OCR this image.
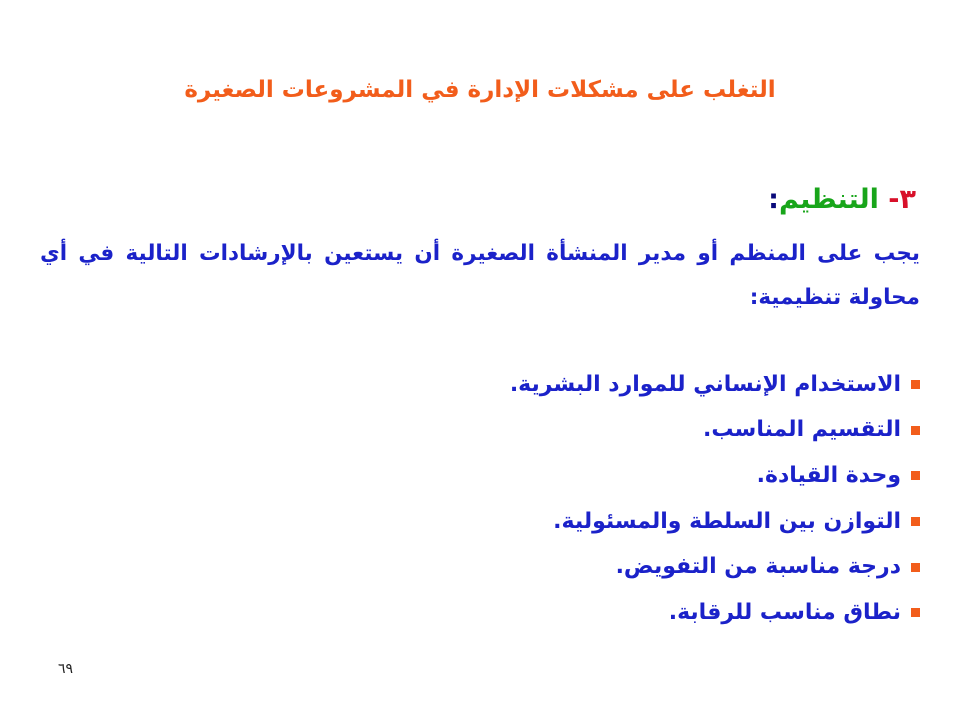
التغلب على مشكلات الإدارة في المشروعات الصغيرة
٣- التنظيم:
يجب على المنظم أو مدير المنشأة الصغيرة أن يستعين بالإرشادات التالية في أي محاولة تنظيمية:
الاستخدام الإنساني للموارد البشرية.
التقسيم المناسب.
وحدة القيادة.
التوازن بين السلطة والمسئولية.
درجة مناسبة من التفويض.
نطاق مناسب للرقابة.
٦٩
